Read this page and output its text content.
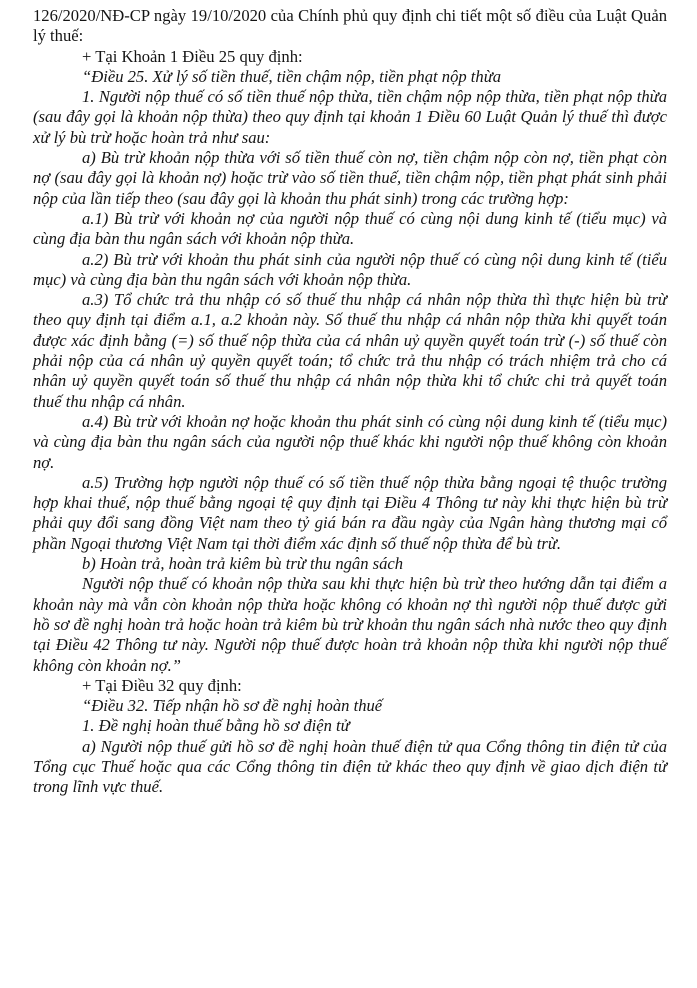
126/2020/NĐ-CP ngày 19/10/2020 của Chính phủ quy định chi tiết một số điều của Luật Quản lý thuế:

+ Tại Khoản 1 Điều 25 quy định:

“Điều 25. Xử lý số tiền thuế, tiền chậm nộp, tiền phạt nộp thừa

1. Người nộp thuế có số tiền thuế nộp thừa, tiền chậm nộp nộp thừa, tiền phạt nộp thừa (sau đây gọi là khoản nộp thừa) theo quy định tại khoản 1 Điều 60 Luật Quản lý thuế thì được xử lý bù trừ hoặc hoàn trả như sau:

a) Bù trừ khoản nộp thừa với số tiền thuế còn nợ, tiền chậm nộp còn nợ, tiền phạt còn nợ (sau đây gọi là khoản nợ) hoặc trừ vào số tiền thuế, tiền chậm nộp, tiền phạt phát sinh phải nộp của lần tiếp theo (sau đây gọi là khoản thu phát sinh) trong các trường hợp:

a.1) Bù trừ với khoản nợ của người nộp thuế có cùng nội dung kinh tế (tiểu mục) và cùng địa bàn thu ngân sách với khoản nộp thừa.

a.2) Bù trừ với khoản thu phát sinh của người nộp thuế có cùng nội dung kinh tế (tiểu mục) và cùng địa bàn thu ngân sách với khoản nộp thừa.

a.3) Tổ chức trả thu nhập có số thuế thu nhập cá nhân nộp thừa thì thực hiện bù trừ theo quy định tại điểm a.1, a.2 khoản này. Số thuế thu nhập cá nhân nộp thừa khi quyết toán được xác định bằng (=) số thuế nộp thừa của cá nhân uỷ quyền quyết toán trừ (-) số thuế còn phải nộp của cá nhân uỷ quyền quyết toán; tổ chức trả thu nhập có trách nhiệm trả cho cá nhân uỷ quyền quyết toán số thuế thu nhập cá nhân nộp thừa khi tổ chức chi trả quyết toán thuế thu nhập cá nhân.

a.4) Bù trừ với khoản nợ hoặc khoản thu phát sinh có cùng nội dung kinh tế (tiểu mục) và cùng địa bàn thu ngân sách của người nộp thuế khác khi người nộp thuế không còn khoản nợ.

a.5) Trường hợp người nộp thuế có số tiền thuế nộp thừa bằng ngoại tệ thuộc trường hợp khai thuế, nộp thuế bằng ngoại tệ quy định tại Điều 4 Thông tư này khi thực hiện bù trừ phải quy đổi sang đồng Việt nam theo tỷ giá bán ra đầu ngày của Ngân hàng thương mại cổ phần Ngoại thương Việt Nam tại thời điểm xác định số thuế nộp thừa để bù trừ.

b) Hoàn trả, hoàn trả kiêm bù trừ thu ngân sách

Người nộp thuế có khoản nộp thừa sau khi thực hiện bù trừ theo hướng dẫn tại điểm a khoản này mà vẫn còn khoản nộp thừa hoặc không có khoản nợ thì người nộp thuế được gửi hồ sơ đề nghị hoàn trả hoặc hoàn trả kiêm bù trừ khoản thu ngân sách nhà nước theo quy định tại Điều 42 Thông tư này. Người nộp thuế được hoàn trả khoản nộp thừa khi người nộp thuế không còn khoản nợ.”

+ Tại Điều 32 quy định:

“Điều 32. Tiếp nhận hồ sơ đề nghị hoàn thuế

1. Đề nghị hoàn thuế bằng hồ sơ điện tử

a) Người nộp thuế gửi hồ sơ đề nghị hoàn thuế điện tử qua Cổng thông tin điện tử của Tổng cục Thuế hoặc qua các Cổng thông tin điện tử khác theo quy định về giao dịch điện tử trong lĩnh vực thuế.
